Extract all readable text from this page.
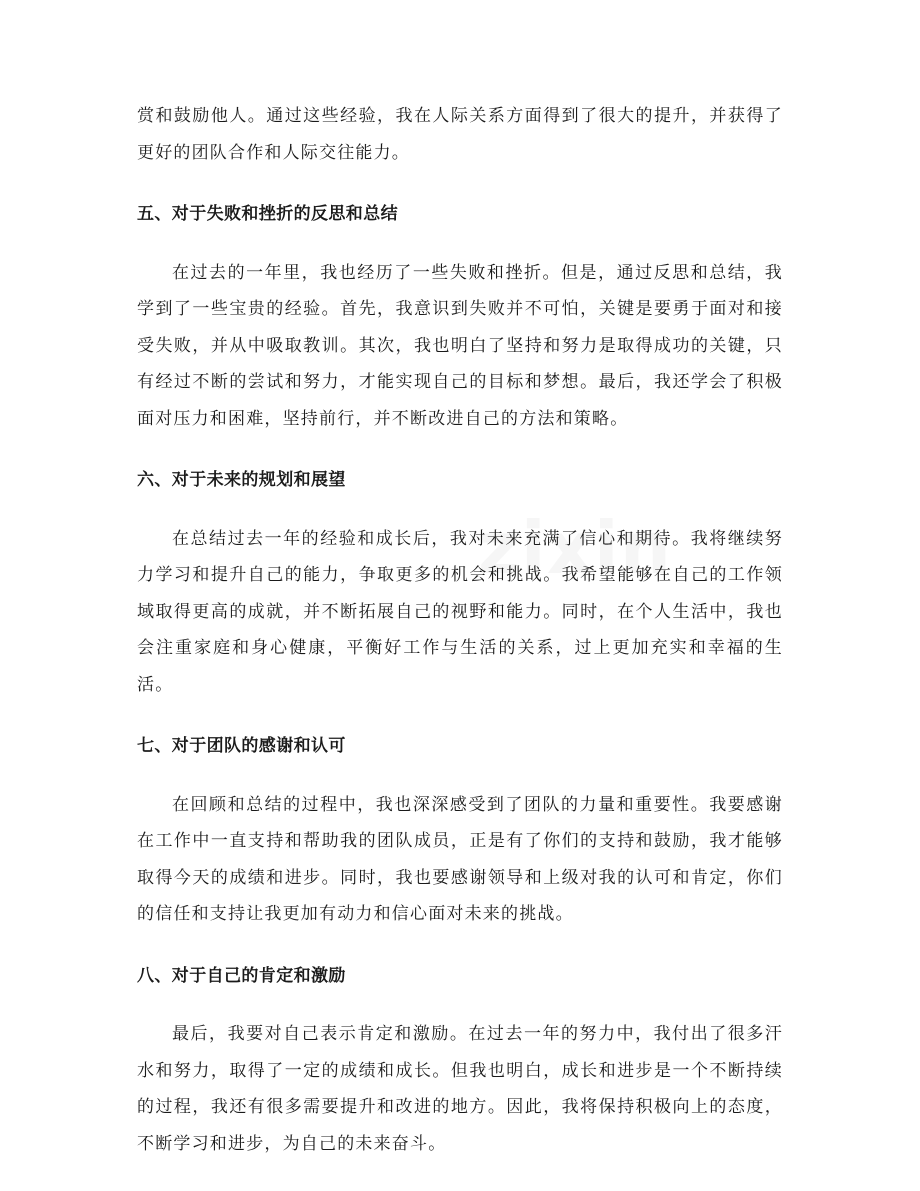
赏和鼓励他人。通过这些经验，我在人际关系方面得到了很大的提升，并获得了更好的团队合作和人际交往能力。

五、对于失败和挫折的反思和总结

在过去的一年里，我也经历了一些失败和挫折。但是，通过反思和总结，我学到了一些宝贵的经验。首先，我意识到失败并不可怕，关键是要勇于面对和接受失败，并从中吸取教训。其次，我也明白了坚持和努力是取得成功的关键，只有经过不断的尝试和努力，才能实现自己的目标和梦想。最后，我还学会了积极面对压力和困难，坚持前行，并不断改进自己的方法和策略。

六、对于未来的规划和展望

在总结过去一年的经验和成长后，我对未来充满了信心和期待。我将继续努力学习和提升自己的能力，争取更多的机会和挑战。我希望能够在自己的工作领域取得更高的成就，并不断拓展自己的视野和能力。同时，在个人生活中，我也会注重家庭和身心健康，平衡好工作与生活的关系，过上更加充实和幸福的生活。

七、对于团队的感谢和认可

在回顾和总结的过程中，我也深深感受到了团队的力量和重要性。我要感谢在工作中一直支持和帮助我的团队成员，正是有了你们的支持和鼓励，我才能够取得今天的成绩和进步。同时，我也要感谢领导和上级对我的认可和肯定，你们的信任和支持让我更加有动力和信心面对未来的挑战。

八、对于自己的肯定和激励

最后，我要对自己表示肯定和激励。在过去一年的努力中，我付出了很多汗水和努力，取得了一定的成绩和成长。但我也明白，成长和进步是一个不断持续的过程，我还有很多需要提升和改进的地方。因此，我将保持积极向上的态度，不断学习和进步，为自己的未来奋斗。
